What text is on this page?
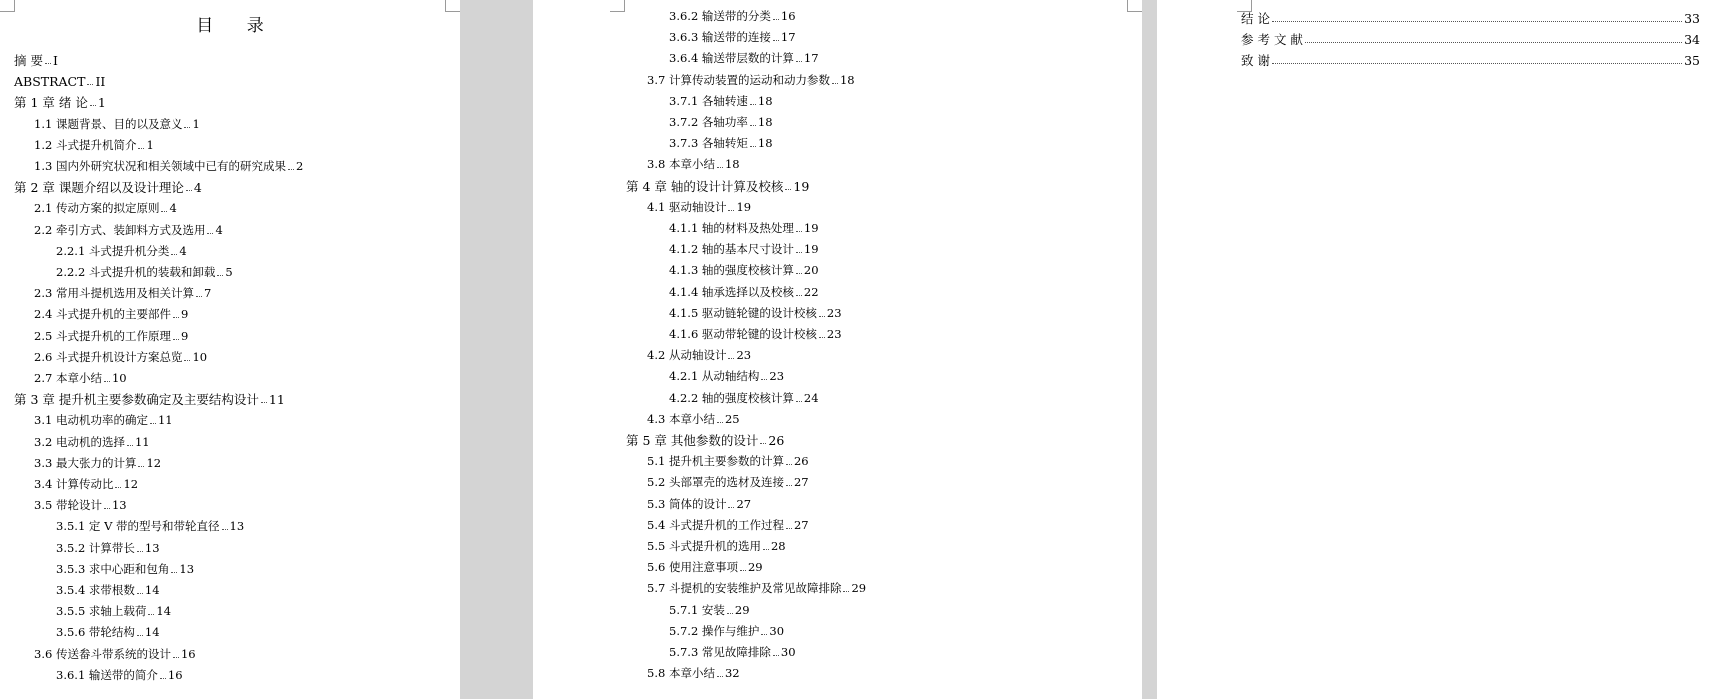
目 录
摘 要 I
ABSTRACT II
第 1 章 绪 论 1
1.1 课题背景、目的以及意义 1
1.2 斗式提升机简介 1
1.3 国内外研究状况和相关领域中已有的研究成果 2
第 2 章 课题介绍以及设计理论 4
2.1 传动方案的拟定原则 4
2.2 牵引方式、装卸料方式及选用 4
2.2.1 斗式提升机分类 4
2.2.2 斗式提升机的装载和卸载 5
2.3 常用斗提机选用及相关计算 7
2.4 斗式提升机的主要部件 9
2.5 斗式提升机的工作原理 9
2.6 斗式提升机设计方案总览 10
2.7 本章小结 10
第 3 章 提升机主要参数确定及主要结构设计 11
3.1 电动机功率的确定 11
3.2 电动机的选择 11
3.3 最大张力的计算 12
3.4 计算传动比 12
3.5 带轮设计 13
3.5.1 定 V 带的型号和带轮直径 13
3.5.2 计算带长 13
3.5.3 求中心距和包角 13
3.5.4 求带根数 14
3.5.5 求轴上载荷 14
3.5.6 带轮结构 14
3.6 传送畚斗带系统的设计 16
3.6.1 输送带的简介 16
3.6.2 输送带的分类 16
3.6.3 输送带的连接 17
3.6.4 输送带层数的计算 17
3.7 计算传动装置的运动和动力参数 18
3.7.1 各轴转速 18
3.7.2 各轴功率 18
3.7.3 各轴转矩 18
3.8 本章小结 18
第 4 章 轴的设计计算及校核 19
4.1 驱动轴设计 19
4.1.1 轴的材料及热处理 19
4.1.2 轴的基本尺寸设计 19
4.1.3 轴的强度校核计算 20
4.1.4 轴承选择以及校核 22
4.1.5 驱动链轮键的设计校核 23
4.1.6 驱动带轮键的设计校核 23
4.2 从动轴设计 23
4.2.1 从动轴结构 23
4.2.2 轴的强度校核计算 24
4.3 本章小结 25
第 5 章 其他参数的设计 26
5.1 提升机主要参数的计算 26
5.2 头部罩壳的选材及连接 27
5.3 筒体的设计 27
5.4 斗式提升机的工作过程 27
5.5 斗式提升机的选用 28
5.6 使用注意事项 29
5.7 斗提机的安装维护及常见故障排除 29
5.7.1 安装 29
5.7.2 操作与维护 30
5.7.3 常见故障排除 30
5.8 本章小结 32
结 论	33
参 考 文 献	34
致 谢	35
